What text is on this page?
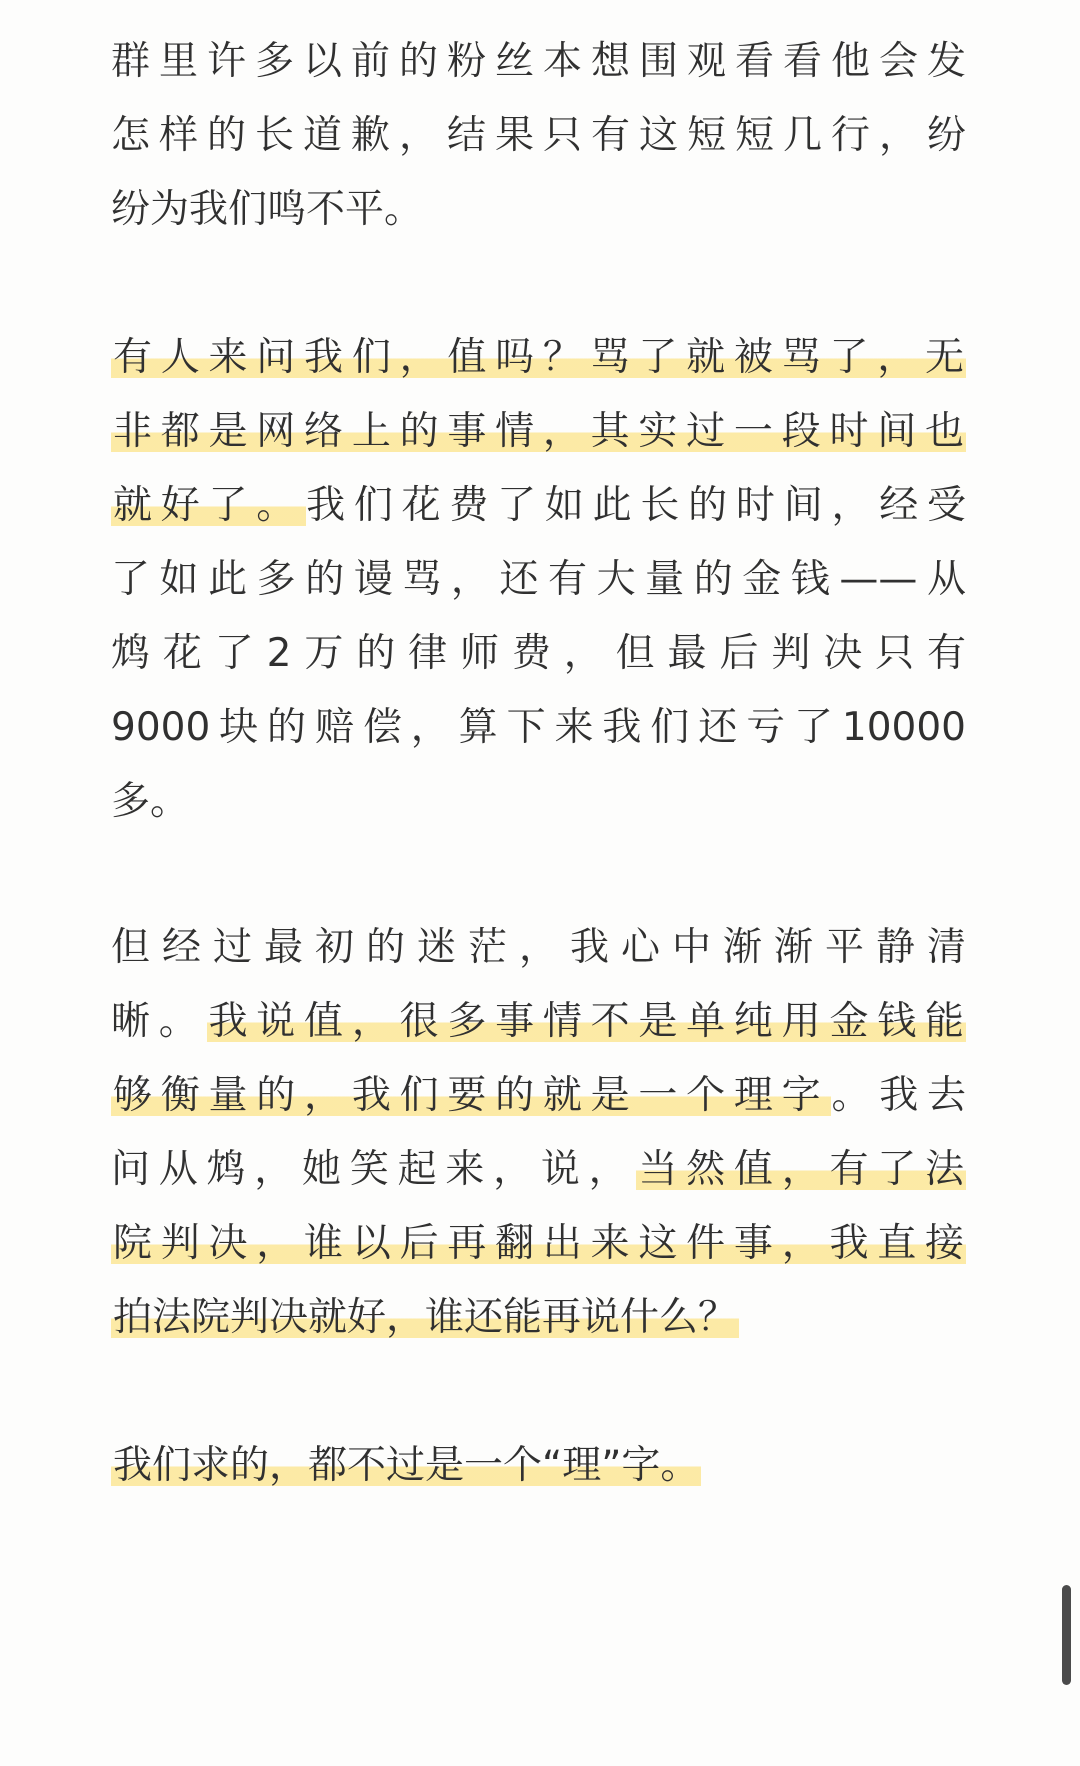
群里许多以前的粉丝本想围观看看他会发
怎样的长道歉，结果只有这短短几行，纷
纷为我们鸣不平。
有人来问我们，值吗？骂了就被骂了，无
非都是网络上的事情，其实过一段时间也
就好了。我们花费了如此长的时间，经受
了如此多的谩骂，还有大量的金钱——从
鸩花了2万的律师费，但最后判决只有
9000块的赔偿，算下来我们还亏了10000
多。
但经过最初的迷茫，我心中渐渐平静清
晰。我说值，很多事情不是单纯用金钱能
够衡量的，我们要的就是一个理字。我去
问从鸩，她笑起来，说，当然值，有了法
院判决，谁以后再翻出来这件事，我直接
拍法院判决就好，谁还能再说什么？
我们求的，都不过是一个“理”字。
